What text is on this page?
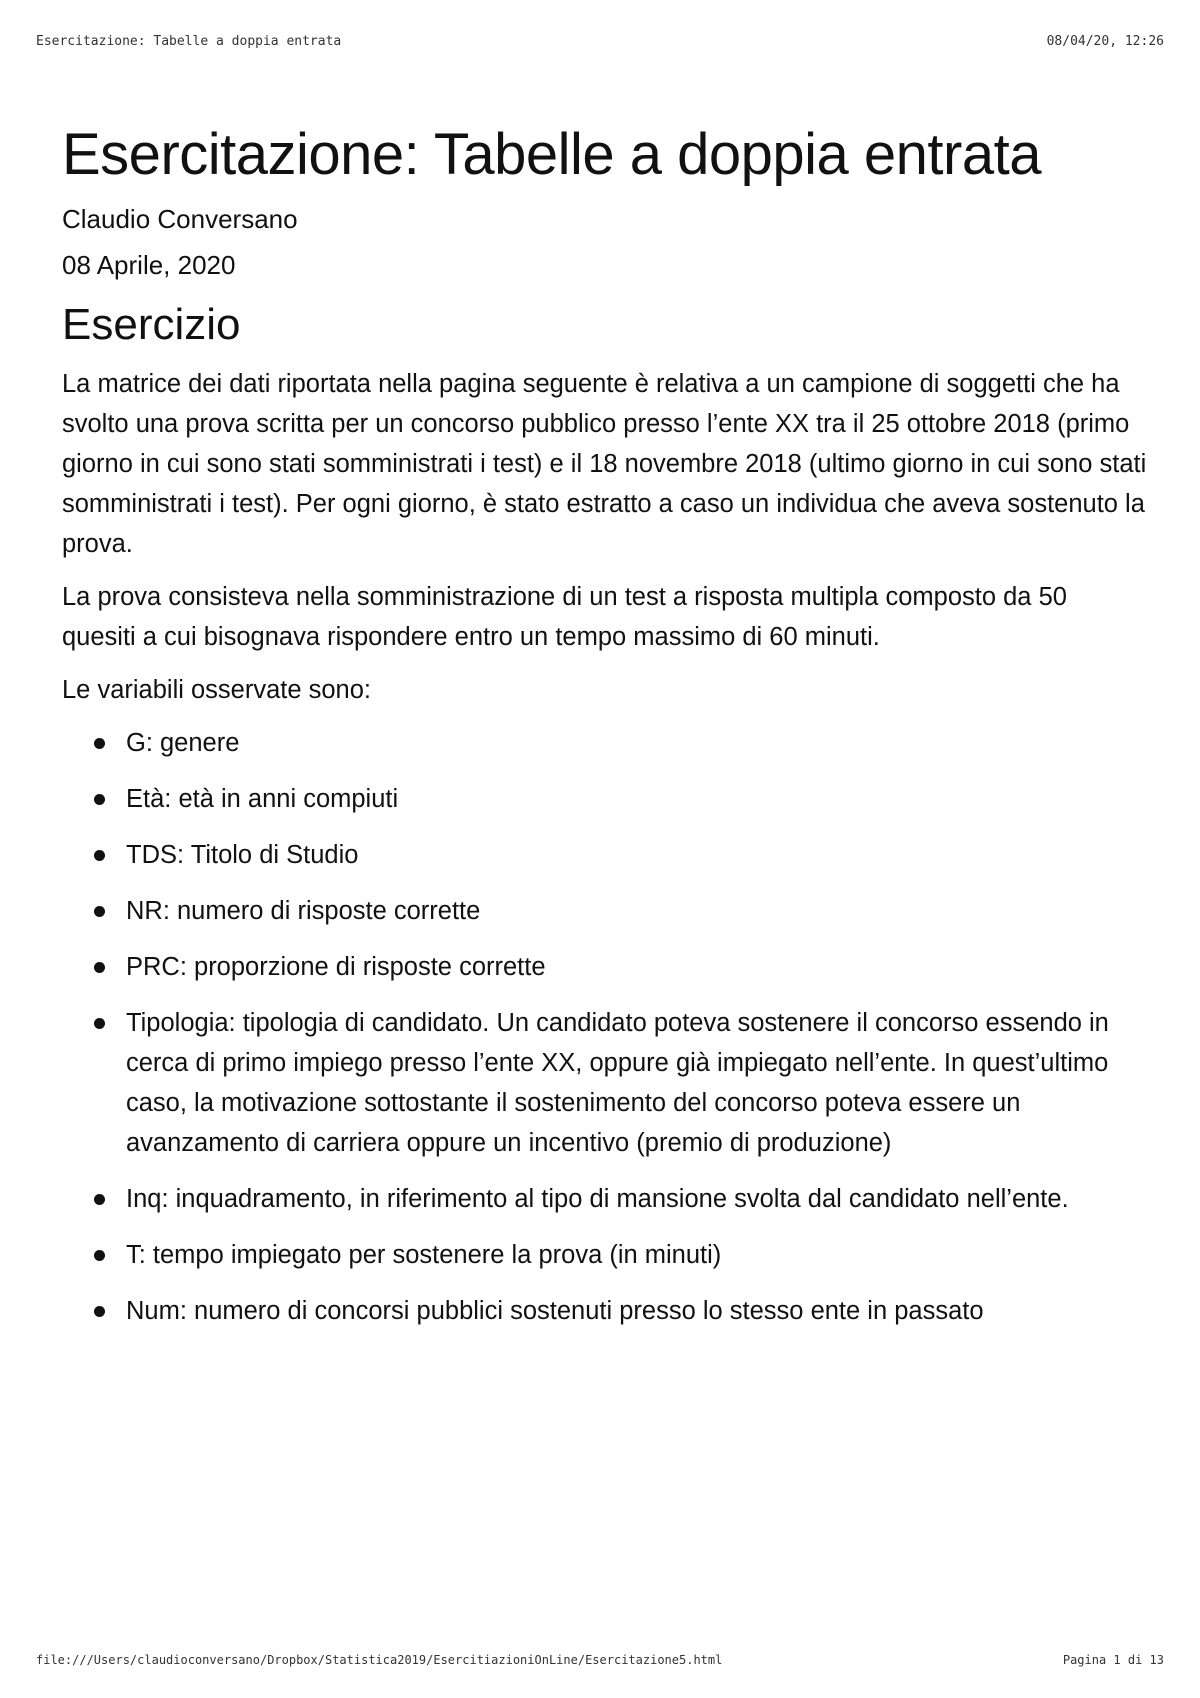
Esercitazione: Tabelle a doppia entrata	08/04/20, 12:26
Esercitazione: Tabelle a doppia entrata
Claudio Conversano
08 Aprile, 2020
Esercizio

La matrice dei dati riportata nella pagina seguente è relativa a un campione di soggetti che ha svolto una prova scritta per un concorso pubblico presso l’ente XX tra il 25 ottobre 2018 (primo giorno in cui sono stati somministrati i test) e il 18 novembre 2018 (ultimo giorno in cui sono stati somministrati i test). Per ogni giorno, è stato estratto a caso un individua che aveva sostenuto la prova.

La prova consisteva nella somministrazione di un test a risposta multipla composto da 50 quesiti a cui bisognava rispondere entro un tempo massimo di 60 minuti.

Le variabili osservate sono:

G: genere
Età: età in anni compiuti
TDS: Titolo di Studio
NR: numero di risposte corrette
PRC: proporzione di risposte corrette
Tipologia: tipologia di candidato. Un candidato poteva sostenere il concorso essendo in cerca di primo impiego presso l’ente XX, oppure già impiegato nell’ente. In quest’ultimo caso, la motivazione sottostante il sostenimento del concorso poteva essere un avanzamento di carriera oppure un incentivo (premio di produzione)
Inq: inquadramento, in riferimento al tipo di mansione svolta dal candidato nell’ente.
T: tempo impiegato per sostenere la prova (in minuti)
Num: numero di concorsi pubblici sostenuti presso lo stesso ente in passato
file:///Users/claudioconversano/Dropbox/Statistica2019/EsercitiazioniOnLine/Esercitazione5.html	Pagina 1 di 13
